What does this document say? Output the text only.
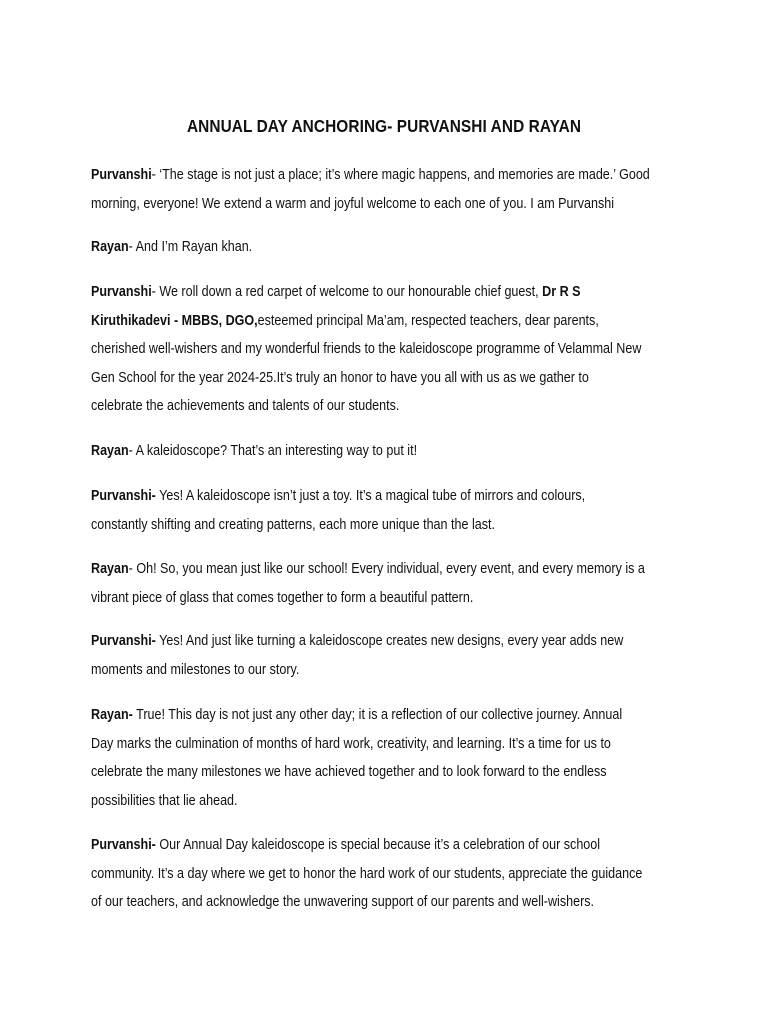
ANNUAL DAY ANCHORING- PURVANSHI AND RAYAN
Purvanshi- ‘The stage is not just a place; it’s where magic happens, and memories are made.’ Good
morning, everyone! We extend a warm and joyful welcome to each one of you. I am Purvanshi
Rayan- And I’m Rayan khan.
Purvanshi- We roll down a red carpet of welcome to our honourable chief guest, Dr R S
Kiruthikadevi - MBBS, DGO,esteemed principal Ma’am, respected teachers, dear parents,
cherished well-wishers and my wonderful friends to the kaleidoscope programme of Velammal New
Gen School for the year 2024-25.It’s truly an honor to have you all with us as we gather to
celebrate the achievements and talents of our students.
Rayan- A kaleidoscope? That’s an interesting way to put it!
Purvanshi- Yes! A kaleidoscope isn’t just a toy. It’s a magical tube of mirrors and colours,
constantly shifting and creating patterns, each more unique than the last.
Rayan- Oh! So, you mean just like our school! Every individual, every event, and every memory is a
vibrant piece of glass that comes together to form a beautiful pattern.
Purvanshi- Yes! And just like turning a kaleidoscope creates new designs, every year adds new
moments and milestones to our story.
Rayan- True! This day is not just any other day; it is a reflection of our collective journey. Annual
Day marks the culmination of months of hard work, creativity, and learning. It’s a time for us to
celebrate the many milestones we have achieved together and to look forward to the endless
possibilities that lie ahead.
Purvanshi- Our Annual Day kaleidoscope is special because it’s a celebration of our school
community. It’s a day where we get to honor the hard work of our students, appreciate the guidance
of our teachers, and acknowledge the unwavering support of our parents and well-wishers.
